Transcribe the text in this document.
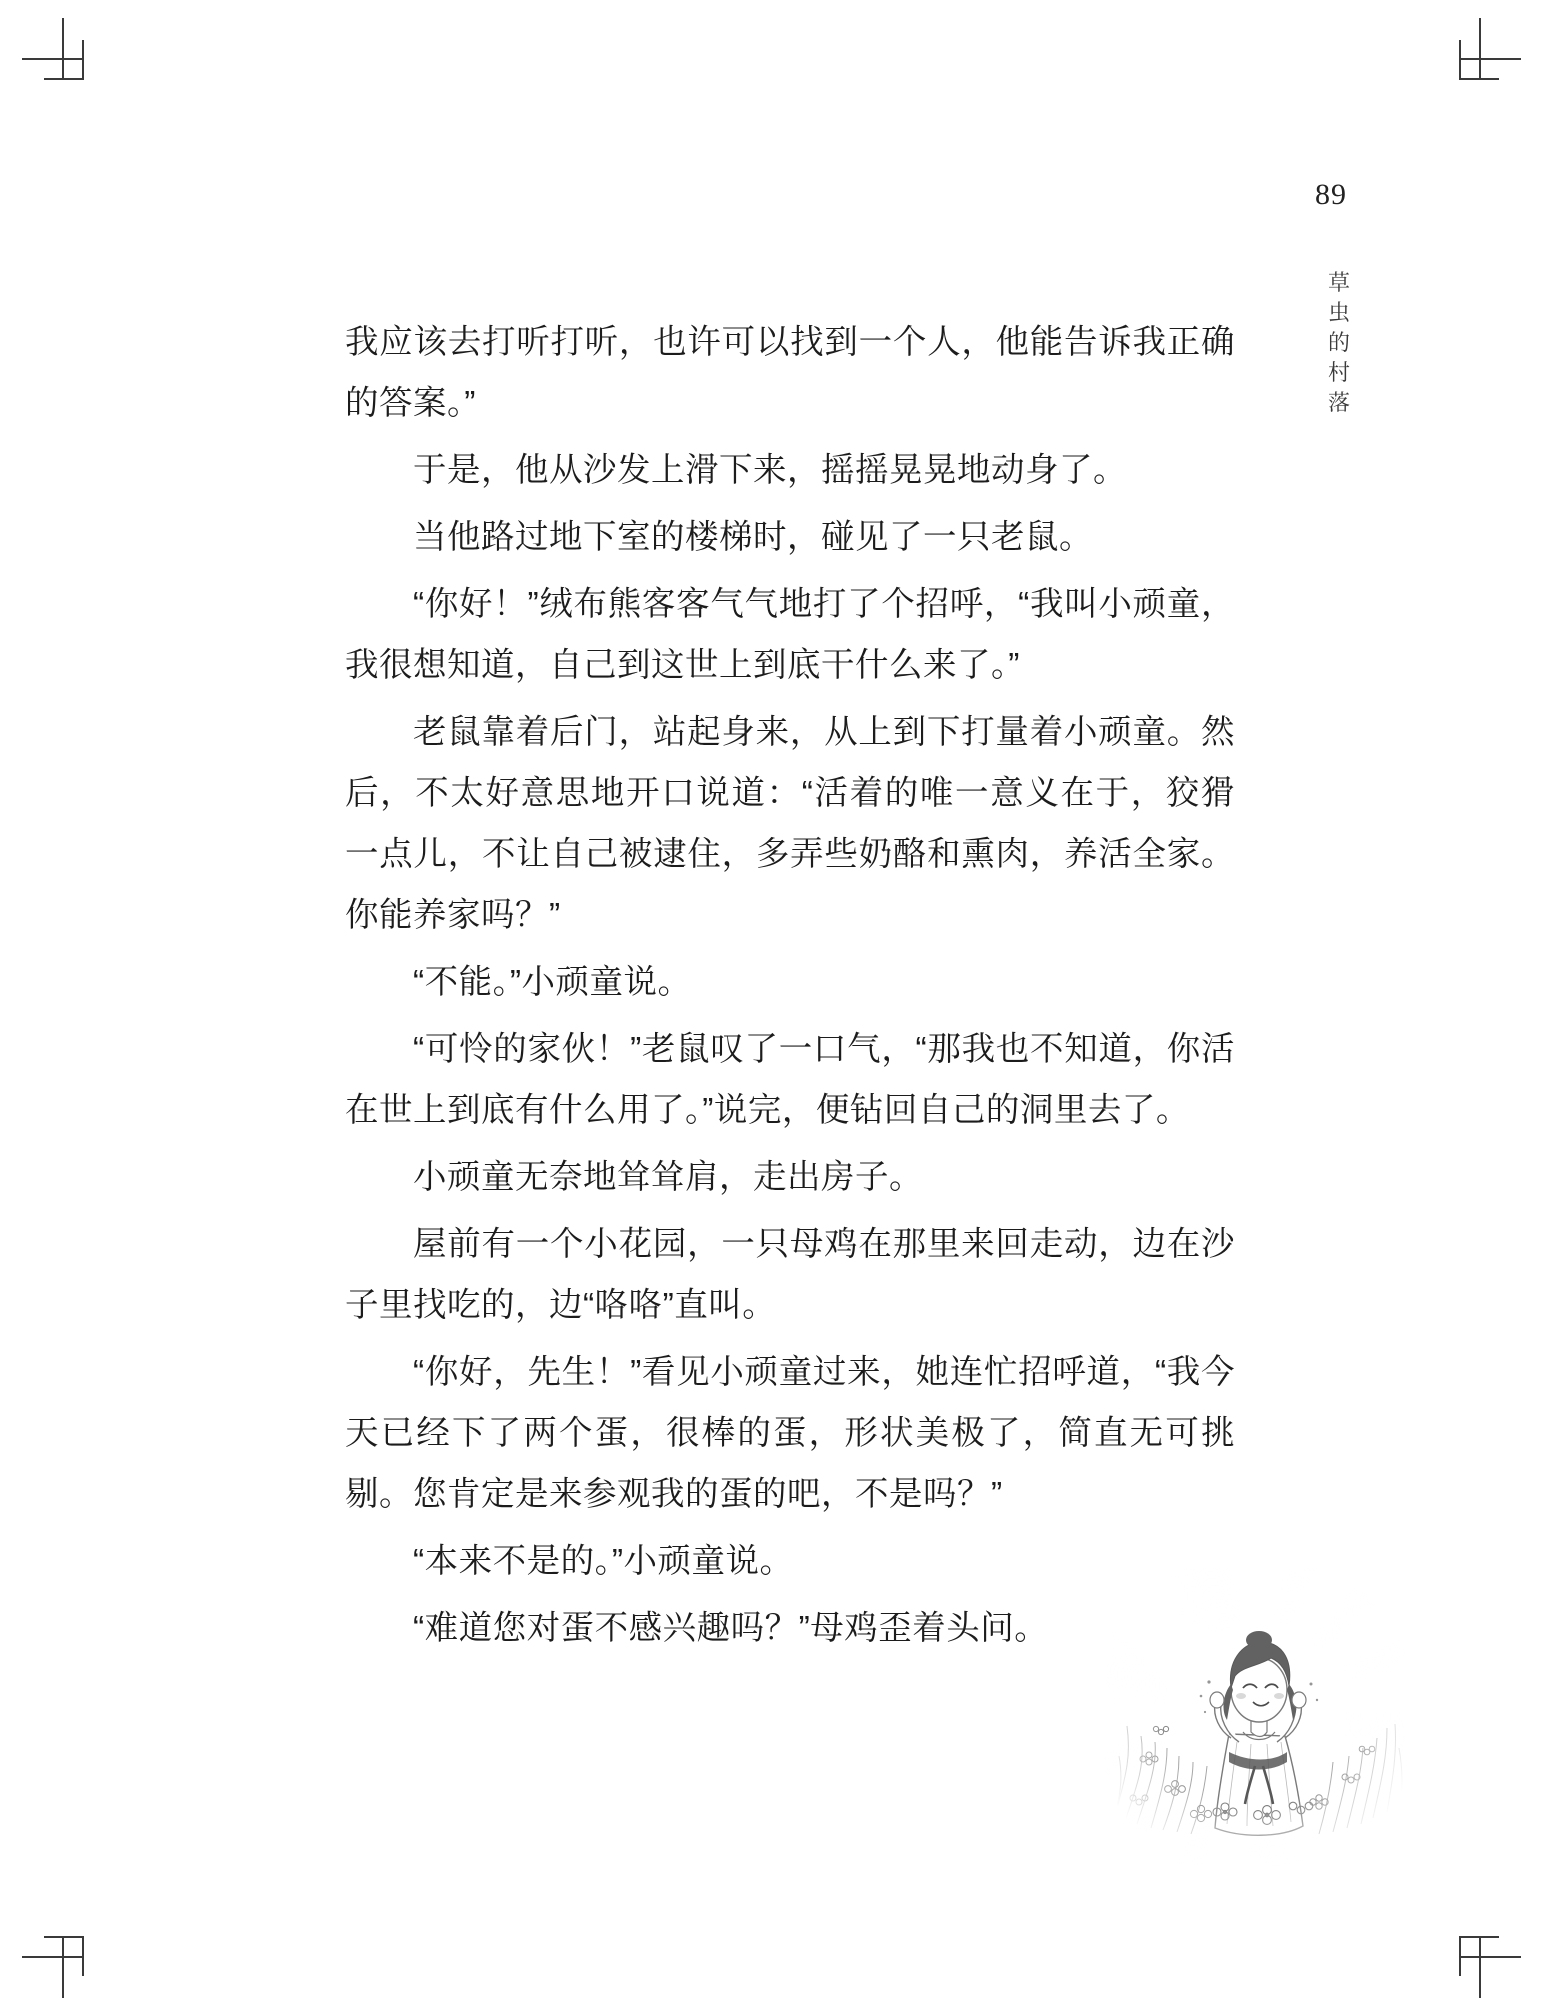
89
草
虫
的
村
落

我应该去打听打听，也许可以找到一个人，他能告诉我正确的答案。”

于是，他从沙发上滑下来，摇摇晃晃地动身了。

当他路过地下室的楼梯时，碰见了一只老鼠。

“你好！”绒布熊客客气气地打了个招呼，“我叫小顽童，我很想知道，自己到这世上到底干什么来了。”

老鼠靠着后门，站起身来，从上到下打量着小顽童。然后，不太好意思地开口说道：“活着的唯一意义在于，狡猾一点儿，不让自己被逮住，多弄些奶酪和熏肉，养活全家。你能养家吗？”

“不能。”小顽童说。

“可怜的家伙！”老鼠叹了一口气，“那我也不知道，你活在世上到底有什么用了。”说完，便钻回自己的洞里去了。

小顽童无奈地耸耸肩，走出房子。

屋前有一个小花园，一只母鸡在那里来回走动，边在沙子里找吃的，边“咯咯”直叫。

“你好，先生！”看见小顽童过来，她连忙招呼道，“我今天已经下了两个蛋，很棒的蛋，形状美极了，简直无可挑剔。您肯定是来参观我的蛋的吧，不是吗？”

“本来不是的。”小顽童说。

“难道您对蛋不感兴趣吗？”母鸡歪着头问。
